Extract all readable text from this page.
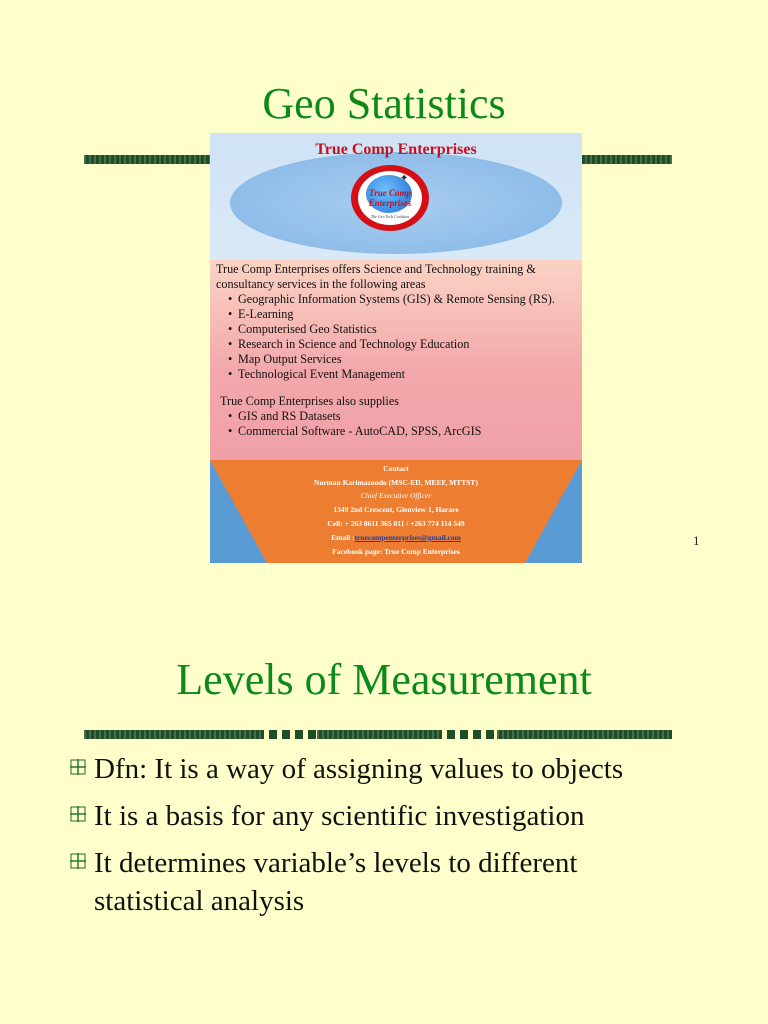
Geo Statistics
True Comp Enterprises
✦
True Comp
Enterprises
The Geo Tech Coalition
True Comp Enterprises offers Science and Technology training & consultancy services in the following areas
• Geographic Information Systems (GIS) & Remote Sensing (RS).
• E-Learning
• Computerised Geo Statistics
• Research in Science and Technology Education
• Map Output Services
• Technological Event Management
True Comp Enterprises also supplies
• GIS and RS Datasets
• Commercial Software - AutoCAD, SPSS, ArcGIS
Contact
Norman Karimazondo (MSC-ED, MEEF, MTTST)
Chief Executive Officer
1349 2nd Crescent, Glenview 1, Harare
Cell: + 263 8611 365 011 / +263 774 114 549
Email :truecompenterprises@gmail.com
Facebook page: True Comp Enterprises
1
Levels of Measurement
Dfn: It is a way of assigning values to objects
It is a basis for any scientific investigation
It determines variable’s levels to different statistical analysis
